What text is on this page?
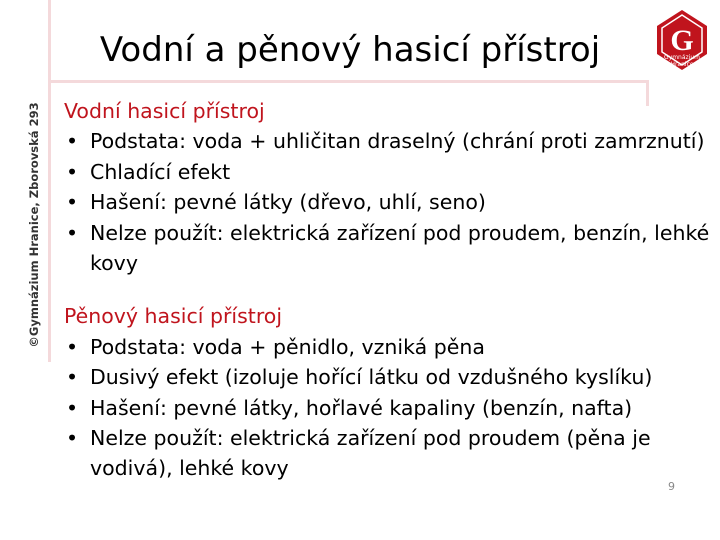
©Gymnázium Hranice, Zborovská 293
Vodní a pěnový hasicí přístroj	G
Gymnázium
Hranice
Vodní hasicí přístroj
• Podstata: voda + uhličitan draselný (chrání proti zamrznutí)
• Chladící efekt
• Hašení: pevné látky (dřevo, uhlí, seno)
• Nelze použít: elektrická zařízení pod proudem, benzín, lehké kovy
Pěnový hasicí přístroj
• Podstata: voda + pěnidlo, vzniká pěna
• Dusivý efekt (izoluje hořící látku od vzdušného kyslíku)
• Hašení: pevné látky, hořlavé kapaliny (benzín, nafta)
• Nelze použít: elektrická zařízení pod proudem (pěna je vodivá), lehké kovy
9
